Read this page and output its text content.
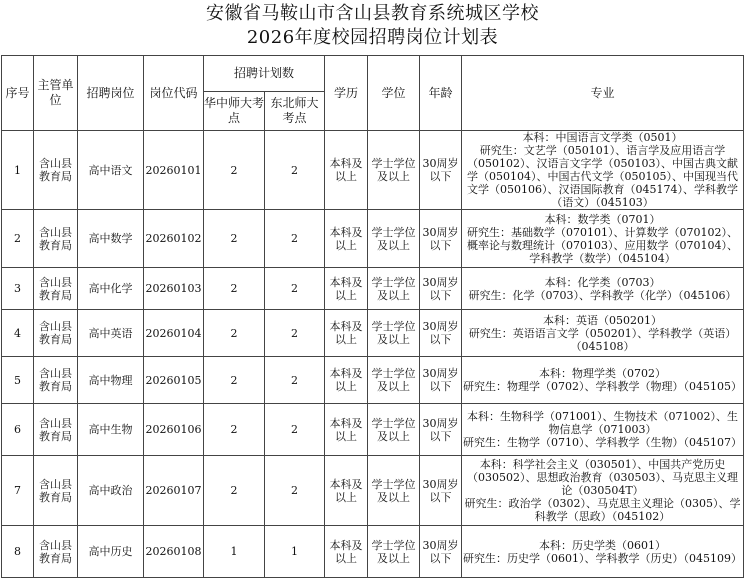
安徽省马鞍山市含山县教育系统城区学校
2026年度校园招聘岗位计划表
序号	主管单位	招聘岗位	岗位代码	招聘计划数		学历	学位	年龄	专业
				华中师大考点	东北师大考点				
1	含山县教育局	高中语文	20260101	2	2	本科及以上	学士学位及以上	30周岁以下	本科：中国语言文学类（0501）
研究生：文艺学（050101）、语言学及应用语言学（050102）、汉语言文字学（050103）、中国古典文献学（050104）、中国古代文学（050105）、中国现当代文学（050106）、汉语国际教育（045174）、学科教学（语文）（045103）
2	含山县教育局	高中数学	20260102	2	2	本科及以上	学士学位及以上	30周岁以下	本科：数学类（0701）
研究生：基础数学（070101）、计算数学（070102）、概率论与数理统计（070103）、应用数学（070104）、学科教学（数学）（045104）
3	含山县教育局	高中化学	20260103	2	2	本科及以上	学士学位及以上	30周岁以下	本科：化学类（0703）
研究生：化学（0703）、学科教学（化学）（045106）
4	含山县教育局	高中英语	20260104	2	2	本科及以上	学士学位及以上	30周岁以下	本科：英语（050201）
研究生：英语语言文学（050201）、学科教学（英语）（045108）
5	含山县教育局	高中物理	20260105	2	2	本科及以上	学士学位及以上	30周岁以下	本科：物理学类（0702）
研究生：物理学（0702）、学科教学（物理）（045105）
6	含山县教育局	高中生物	20260106	2	2	本科及以上	学士学位及以上	30周岁以下	本科：生物科学（071001）、生物技术（071002）、生物信息学（071003）
研究生：生物学（0710）、学科教学（生物）（045107）
7	含山县教育局	高中政治	20260107	2	2	本科及以上	学士学位及以上	30周岁以下	本科：科学社会主义（030501）、中国共产党历史（030502）、思想政治教育（030503）、马克思主义理论（030504T）
研究生：政治学（0302）、马克思主义理论（0305）、学科教学（思政）（045102）
8	含山县教育局	高中历史	20260108	1	1	本科及以上	学士学位及以上	30周岁以下	本科：历史学类（0601）
研究生：历史学（0601）、学科教学（历史）（045109）
